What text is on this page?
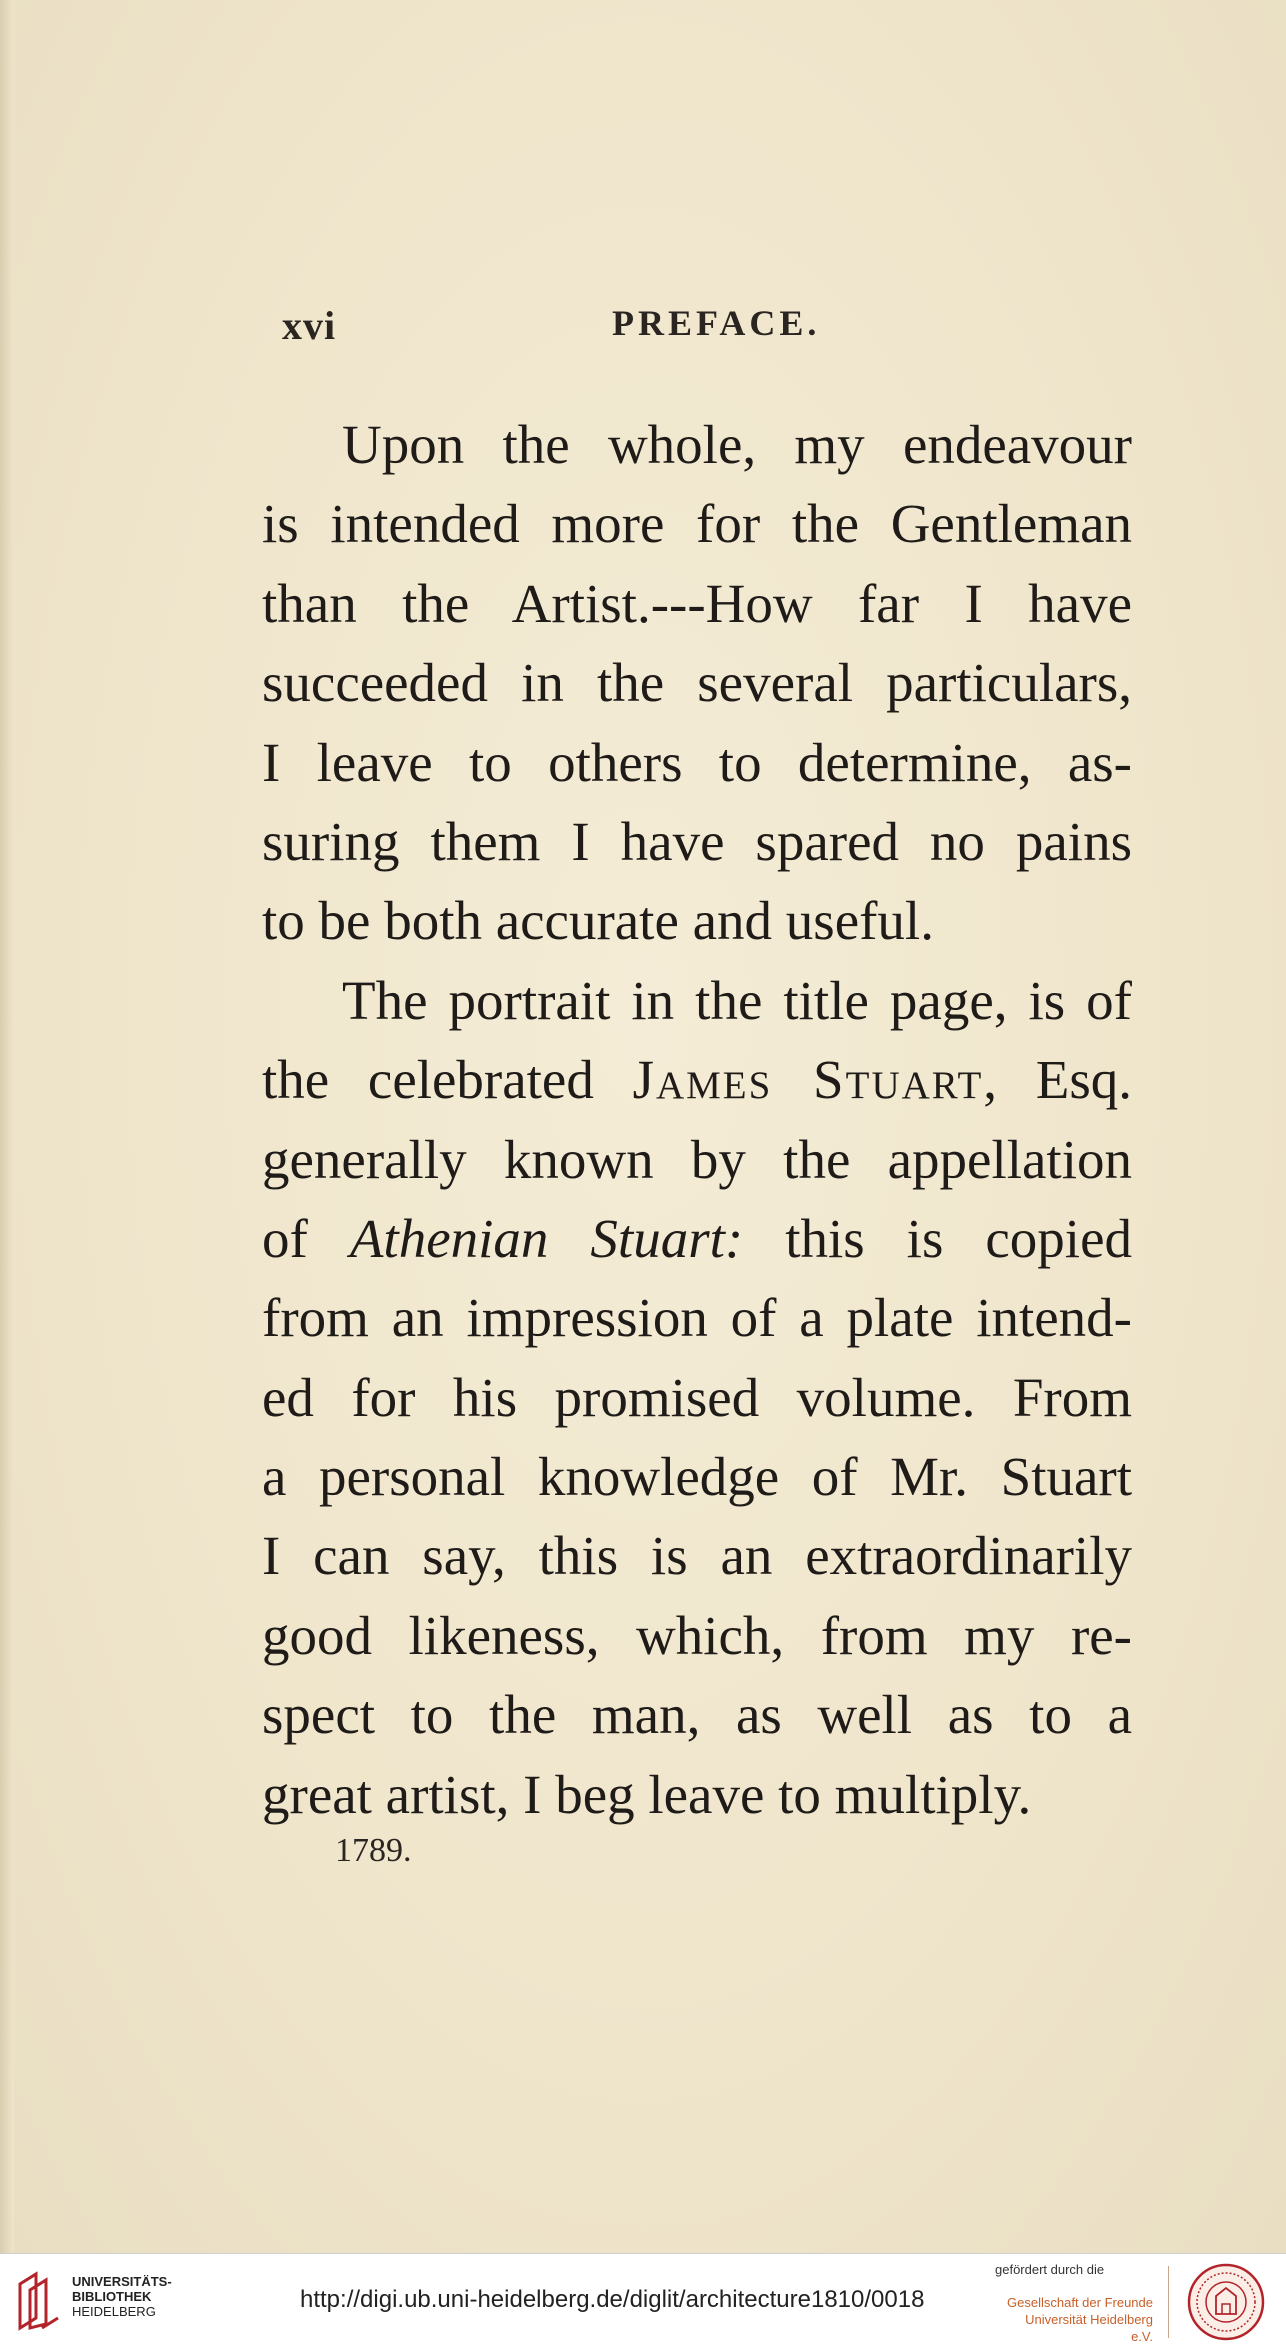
xvi	PREFACE.
Upon the whole, my endeavour
is intended more for the Gentleman
than the Artist.---How far I have
succeeded in the several particulars,
I leave to others to determine, as-
suring them I have spared no pains
to be both accurate and useful.
The portrait in the title page, is of
the celebrated James Stuart, Esq.
generally known by the appellation
of Athenian Stuart: this is copied
from an impression of a plate intend-
ed for his promised volume. From
a personal knowledge of Mr. Stuart
I can say, this is an extraordinarily
good likeness, which, from my re-
spect to the man, as well as to a
great artist, I beg leave to multiply.
1789.
UNIVERSITÄTS-
BIBLIOTHEK
HEIDELBERG	http://digi.ub.uni-heidelberg.de/diglit/architecture1810/0018
gefördert durch die
Gesellschaft der Freunde
Universität Heidelberg e.V.
